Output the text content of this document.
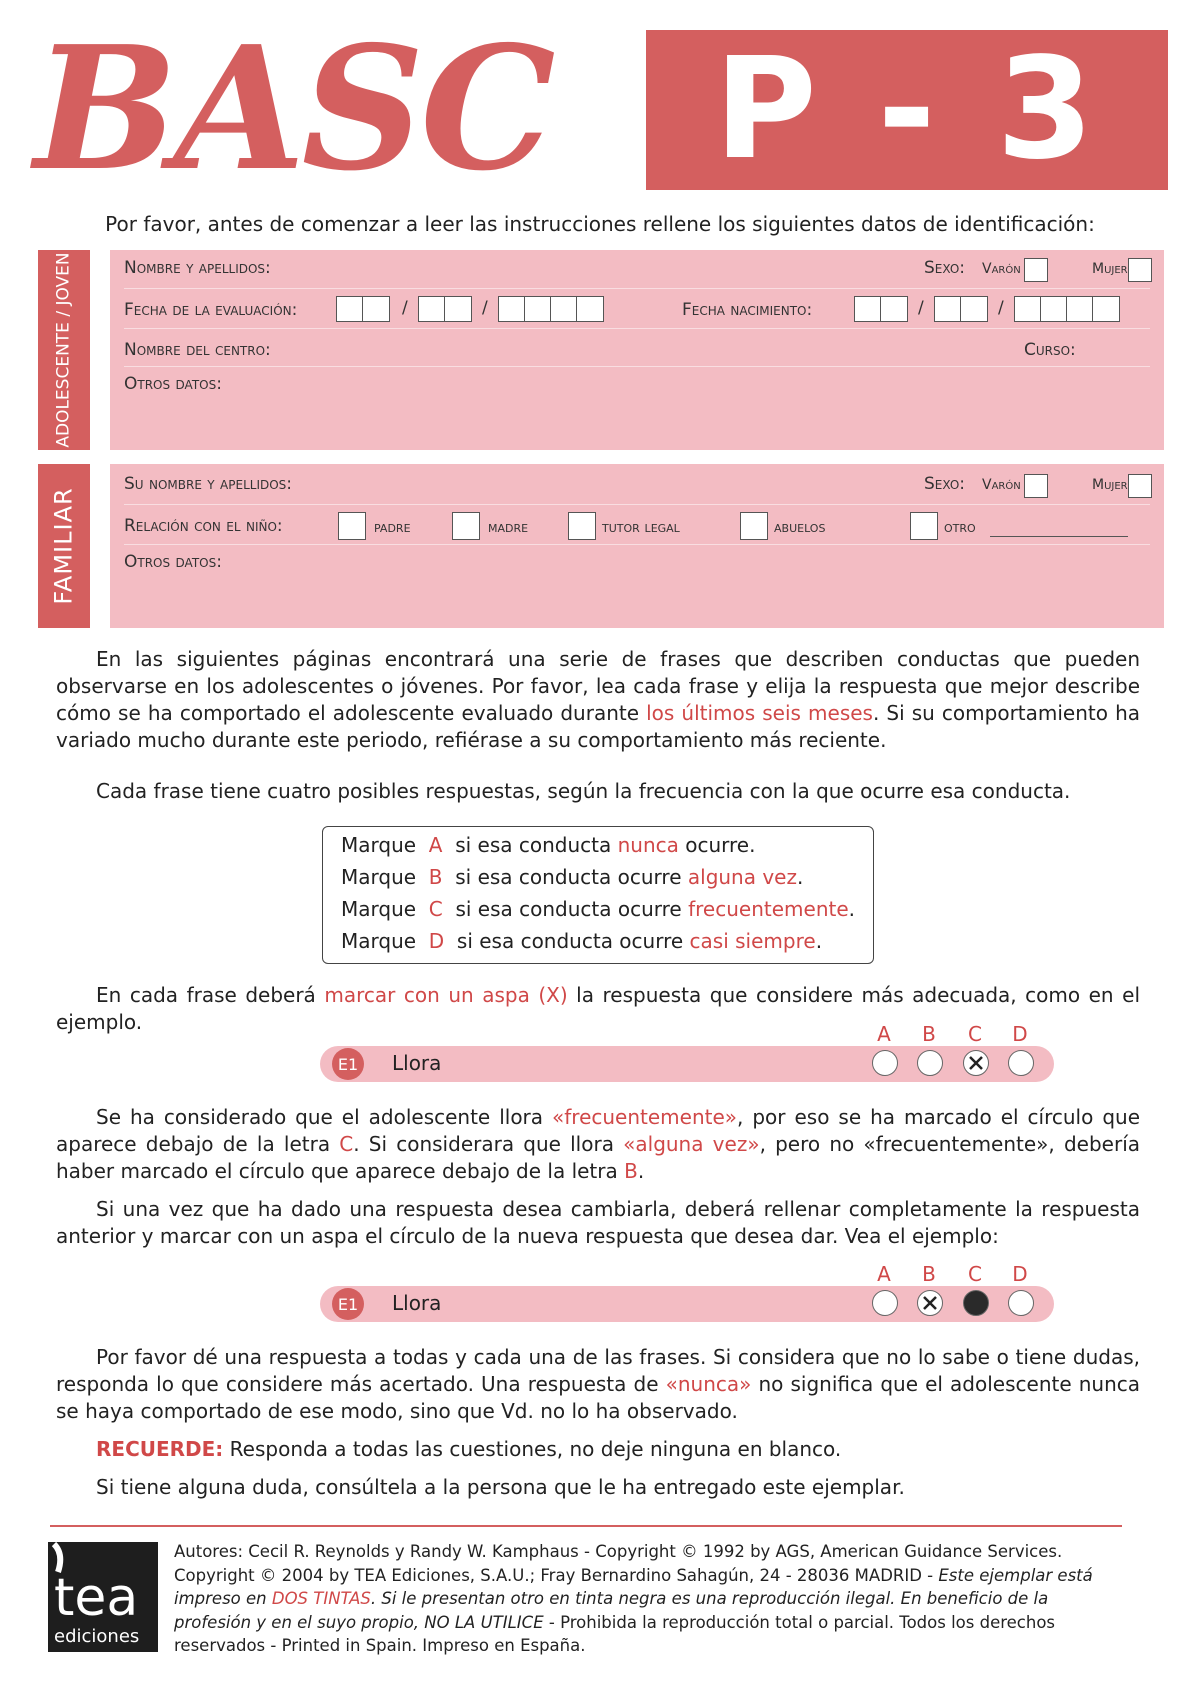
BASC P - 3
Por favor, antes de comenzar a leer las instrucciones rellene los siguientes datos de identificación:
ADOLESCENTE / JOVEN	Nombre y apellidos:	Sexo: Varón	Mujer
Fecha de la evaluación:	/	/	Fecha nacimiento:	/	/
Nombre del centro:	Curso:
Otros datos:
FAMILIAR
Su nombre y apellidos:	Sexo: Varón	Mujer
Relación con el niño:	padre	madre	tutor legal	abuelos	otro
Otros datos:
En las siguientes páginas encontrará una serie de frases que describen conductas que pueden observarse en los adolescentes o jóvenes. Por favor, lea cada frase y elija la respuesta que mejor describe cómo se ha comportado el adolescente evaluado durante los últimos seis meses. Si su comportamiento ha variado mucho durante este periodo, refiérase a su comportamiento más reciente.
Cada frase tiene cuatro posibles respuestas, según la frecuencia con la que ocurre esa conducta.
Marque A si esa conducta nunca ocurre.
Marque B si esa conducta ocurre alguna vez.
Marque C si esa conducta ocurre frecuentemente.
Marque D si esa conducta ocurre casi siempre.
En cada frase deberá marcar con un aspa (X) la respuesta que considere más adecuada, como en el ejemplo.	A B C D
E1 Llora
Se ha considerado que el adolescente llora «frecuentemente», por eso se ha marcado el círculo que aparece debajo de la letra C. Si considerara que llora «alguna vez», pero no «frecuentemente», debería haber marcado el círculo que aparece debajo de la letra B.
Si una vez que ha dado una respuesta desea cambiarla, deberá rellenar completamente la respuesta anterior y marcar con un aspa el círculo de la nueva respuesta que desea dar. Vea el ejemplo:
A B C D
E1 Llora
Por favor dé una respuesta a todas y cada una de las frases. Si considera que no lo sabe o tiene dudas, responda lo que considere más acertado. Una respuesta de «nunca» no significa que el adolescente nunca se haya comportado de ese modo, sino que Vd. no lo ha observado.
RECUERDE: Responda a todas las cuestiones, no deje ninguna en blanco.
Si tiene alguna duda, consúltela a la persona que le ha entregado este ejemplar.
tea
ediciones
Autores: Cecil R. Reynolds y Randy W. Kamphaus - Copyright © 1992 by AGS, American Guidance Services.
Copyright © 2004 by TEA Ediciones, S.A.U.; Fray Bernardino Sahagún, 24 - 28036 MADRID - Este ejemplar está impreso en DOS TINTAS. Si le presentan otro en tinta negra es una reproducción ilegal. En beneficio de la profesión y en el suyo propio, NO LA UTILICE - Prohibida la reproducción total o parcial. Todos los derechos reservados - Printed in Spain. Impreso en España.
